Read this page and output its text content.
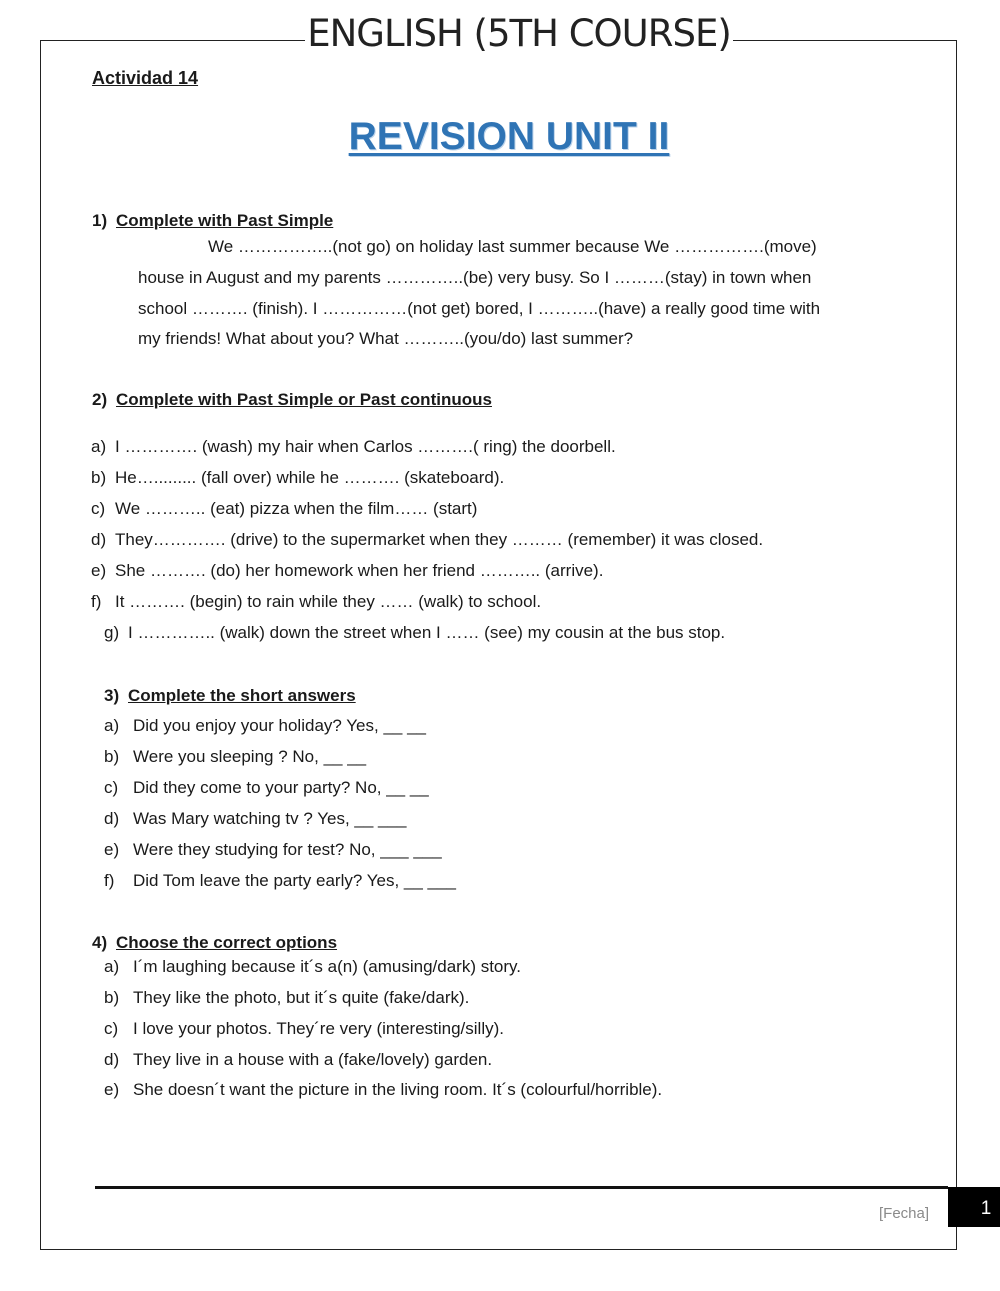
ENGLISH (5TH COURSE)
Actividad 14
REVISION UNIT II
1) Complete with Past Simple
We ……………..(not go) on holiday last summer because We …………….(move)
house in August and my parents …………..(be) very busy. So I ………(stay) in town when
school ………. (finish). I ……………(not get) bored, I ………..(have) a really good time with
my friends! What about you? What ………..(you/do) last summer?
2) Complete with Past Simple or Past continuous
a) I …………. (wash) my hair when Carlos ……….( ring) the doorbell.
b) He…......... (fall over) while he ………. (skateboard).
c) We ……….. (eat) pizza when the film…… (start)
d) They…………. (drive) to the supermarket when they ……… (remember) it was closed.
e) She ………. (do) her homework when her friend ……….. (arrive).
f) It ………. (begin) to rain while they …… (walk) to school.
g) I ………….. (walk) down the street when I …… (see) my cousin at the bus stop.
3) Complete the short answers
a) Did you enjoy your holiday? Yes, __ __
b) Were you sleeping ? No, __ __
c) Did they come to your party? No, __ __
d) Was Mary watching tv ? Yes, __ ___
e) Were they studying for test? No, ___ ___
f) Did Tom leave the party early? Yes, __ ___
4) Choose the correct options
a) I´m laughing because it´s a(n) (amusing/dark) story.
b) They like the photo, but it´s quite (fake/dark).
c) I love your photos. They´re very (interesting/silly).
d) They live in a house with a (fake/lovely) garden.
e) She doesn´t want the picture in the living room. It´s (colourful/horrible).
[Fecha]	1
